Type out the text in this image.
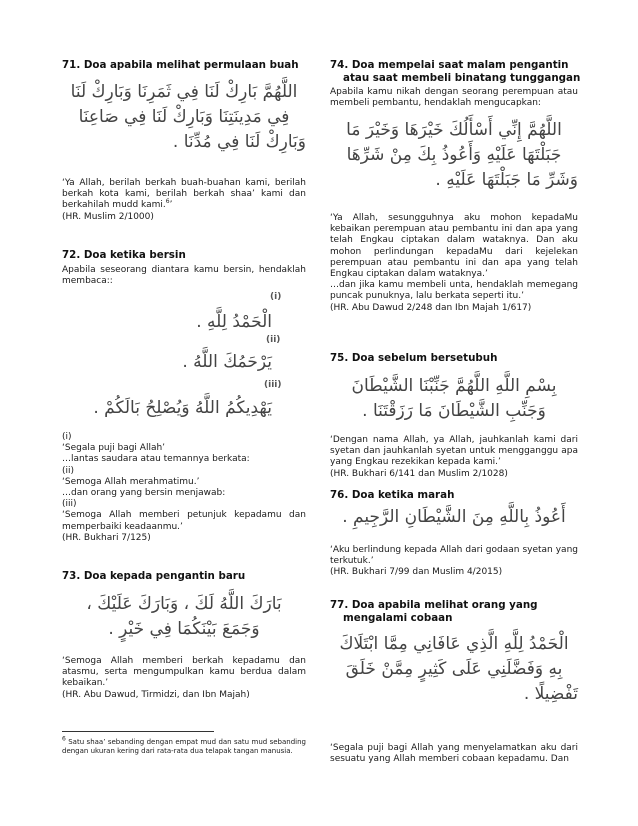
71. Doa apabila melihat permulaan buah
اللَّهُمَّ بَارِكْ لَنَا فِي ثَمَرِنَا وَبَارِكْ لَنَا
فِي مَدِينَتِنَا وَبَارِكْ لَنَا فِي صَاعِنَا
وَبَارِكْ لَنَا فِي مُدِّنَا .

‘Ya Allah, berilah berkah buah-buahan kami, berilah berkah kota kami, berilah berkah shaa’ kami dan berkahilah mudd kami.$^6$’

(HR. Muslim 2/1000)

72. Doa ketika bersin

Apabila seseorang diantara kamu bersin, hendaklah membaca::

(i)
الْحَمْدُ لِلَّهِ .
(ii)
يَرْحَمُكَ اللَّهُ .
(iii)
يَهْدِيكُمُ اللَّهُ وَيُصْلِحُ بَالَكُمْ .
(i)
‘Segala puji bagi Allah’
…lantas saudara atau temannya berkata:
(ii)
‘Semoga Allah merahmatimu.’
…dan orang yang bersin menjawab:
(iii)

‘Semoga Allah memberi petunjuk kepadamu dan memperbaiki keadaanmu.’

(HR. Bukhari 7/125)

73. Doa kepada pengantin baru
بَارَكَ اللَّهُ لَكَ ، وَبَارَكَ عَلَيْكَ ،
وَجَمَعَ بَيْنَكُمَا فِي خَيْرٍ .

‘Semoga Allah memberi berkah kepadamu dan atasmu, serta mengumpulkan kamu berdua dalam kebaikan.’

(HR. Abu Dawud, Tirmidzi, dan Ibn Majah)

$^6$ Satu shaa’ sebanding dengan empat mud dan satu mud sebanding dengan ukuran kering dari rata-rata dua telapak tangan manusia.
74. Doa mempelai saat malam pengantin atau saat membeli binatang tunggangan

Apabila kamu nikah dengan seorang perempuan atau membeli pembantu, hendaklah mengucapkan:

اللَّهُمَّ إِنِّي أَسْأَلُكَ خَيْرَهَا وَخَيْرَ مَا
جَبَلْتَهَا عَلَيْهِ وَأَعُوذُ بِكَ مِنْ شَرِّهَا
وَشَرِّ مَا جَبَلْتَهَا عَلَيْهِ .

‘Ya Allah, sesungguhnya aku mohon kepadaMu kebaikan perempuan atau pembantu ini dan apa yang telah Engkau ciptakan dalam wataknya. Dan aku mohon perlindungan kepadaMu dari kejelekan perempuan atau pembantu ini dan apa yang telah Engkau ciptakan dalam wataknya.’

…dan jika kamu membeli unta, hendaklah memegang puncak punuknya, lalu berkata seperti itu.’

(HR. Abu Dawud 2/248 dan Ibn Majah 1/617)

75. Doa sebelum bersetubuh
بِسْمِ اللَّهِ اللَّهُمَّ جَنِّبْنَا الشَّيْطَانَ
وَجَنِّبِ الشَّيْطَانَ مَا رَزَقْتَنَا .

‘Dengan nama Allah, ya Allah, jauhkanlah kami dari syetan dan jauhkanlah syetan untuk mengganggu apa yang Engkau rezekikan kepada kami.’

(HR. Bukhari 6/141 dan Muslim 2/1028)

76. Doa ketika marah
أَعُوذُ بِاللَّهِ مِنَ الشَّيْطَانِ الرَّجِيمِ .

‘Aku berlindung kepada Allah dari godaan syetan yang terkutuk.’

(HR. Bukhari 7/99 dan Muslim 4/2015)

77. Doa apabila melihat orang yang mengalami cobaan
الْحَمْدُ لِلَّهِ الَّذِي عَافَانِي مِمَّا ابْتَلَاكَ
بِهِ وَفَضَّلَنِي عَلَى كَثِيرٍ مِمَّنْ خَلَقَ
تَفْضِيلًا .

‘Segala puji bagi Allah yang menyelamatkan aku dari sesuatu yang Allah memberi cobaan kepadamu. Dan
